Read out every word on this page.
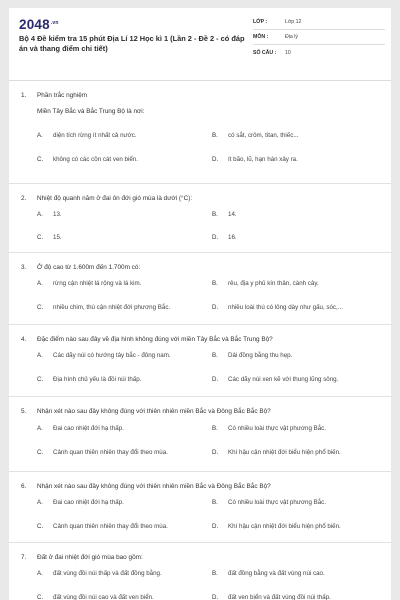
$2048^{.vn}$
Bộ 4 Đề kiểm tra 15 phút Địa Lí 12 Học kì 1 (Lần 2 - Đề 2 - có đáp án và thang điểm chi tiết)
LỚP :	Lớp 12
MÔN :	Địa lý
SỐ CÂU :	10
1.	Phần trắc nghiệm
Miền Tây Bắc và Bắc Trung Bộ là nơi:
A.	diện tích rừng ít nhất cả nước.	B.	có sắt, crôm, titan, thiếc...
C.	không có các cồn cát ven biển.	D.	ít bão, lũ, hạn hán xảy ra.
2.	Nhiệt độ quanh năm ở đai ôn đới gió mùa là dưới (°C):
A.	13.	B.	14.
C.	15.	D.	16.
3.	Ở độ cao từ 1.600m đến 1.700m có:
A.	rừng cận nhiệt lá rộng và lá kim.	B.	rêu, địa y phủ kín thân, cành cây.
C.	nhiều chim, thú cận nhiệt đới phương Bắc.	D.	nhiều loài thú có lông dày như gấu, sóc,...
4.	Đặc điểm nào sau đây về địa hình không đúng với miền Tây Bắc và Bắc Trung Bộ?
A.	Các dãy núi có hướng tây bắc - đông nam.	B.	Dải đồng bằng thu hẹp.
C.	Địa hình chủ yếu là đồi núi thấp.	D.	Các dãy núi xen kẽ với thung lũng sông.
5.	Nhận xét nào sau đây không đúng với thiên nhiên miền Bắc và Đông Bắc Bắc Bộ?
A.	Đai cao nhiệt đới hạ thấp.	B.	Có nhiều loài thực vật phương Bắc.
C.	Cảnh quan thiên nhiên thay đổi theo mùa.	D.	Khí hậu cận nhiệt đới biểu hiện phổ biến.
6.	Nhận xét nào sau đây không đúng với thiên nhiên miền Bắc và Đông Bắc Bắc Bộ?
A.	Đai cao nhiệt đới hạ thấp.	B.	Có nhiều loài thực vật phương Bắc.
C.	Cảnh quan thiên nhiên thay đổi theo mùa.	D.	Khí hậu cận nhiệt đới biểu hiện phổ biến.
7.	Đất ở đai nhiệt đới gió mùa bao gồm:
A.	đất vùng đồi núi thấp và đất đồng bằng.	B.	đất đồng bằng và đất vùng núi cao.
C.	đất vùng đồi núi cao và đất ven biển.	D.	đất ven biển và đất vùng đồi núi thấp.
